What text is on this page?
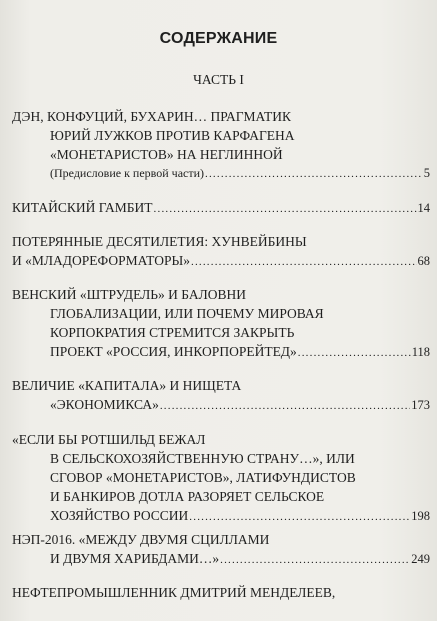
СОДЕРЖАНИЕ
ЧАСТЬ I
ДЭН, КОНФУЦИЙ, БУХАРИН… ПРАГМАТИК
ЮРИЙ ЛУЖКОВ ПРОТИВ КАРФАГЕНА
«МОНЕТАРИСТОВ» НА НЕГЛИННОЙ
(Предисловие к первой части) .....	5
КИТАЙСКИЙ ГАМБИТ .....	14
ПОТЕРЯННЫЕ ДЕСЯТИЛЕТИЯ: ХУНВЕЙБИНЫ
И «МЛАДОРЕФОРМАТОРЫ» .....	68
ВЕНСКИЙ «ШТРУДЕЛЬ» И БАЛОВНИ
ГЛОБАЛИЗАЦИИ, ИЛИ ПОЧЕМУ МИРОВАЯ
КОРПОКРАТИЯ СТРЕМИТСЯ ЗАКРЫТЬ
ПРОЕКТ «РОССИЯ, ИНКОРПОРЕЙТЕД» .....	118
ВЕЛИЧИЕ «КАПИТАЛА» И НИЩЕТА
«ЭКОНОМИКСА» .....	173
«ЕСЛИ БЫ РОТШИЛЬД БЕЖАЛ
В СЕЛЬСКОХОЗЯЙСТВЕННУЮ СТРАНУ…», ИЛИ
СГОВОР «МОНЕТАРИСТОВ», ЛАТИФУНДИСТОВ
И БАНКИРОВ ДОТЛА РАЗОРЯЕТ СЕЛЬСКОЕ
ХОЗЯЙСТВО РОССИИ .....	198
НЭП-2016. «МЕЖДУ ДВУМЯ СЦИЛЛАМИ
И ДВУМЯ ХАРИБДАМИ…» .....	249
НЕФТЕПРОМЫШЛЕННИК ДМИТРИЙ МЕНДЕЛЕЕВ,
